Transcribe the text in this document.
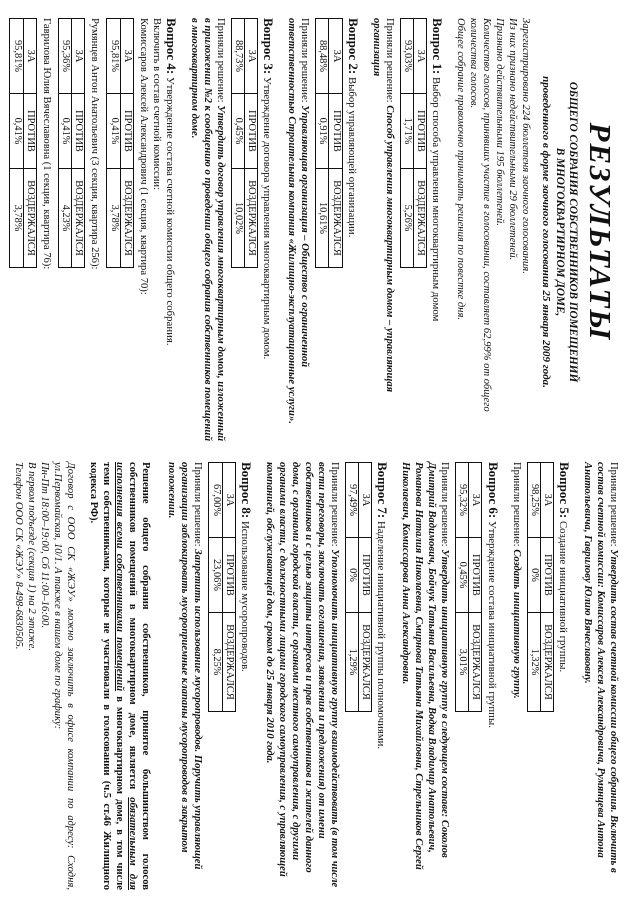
РЕЗУЛЬТАТЫ
ОБЩЕГО СОБРАНИЯ СОБСТВЕННИКОВ ПОМЕЩЕНИЙ
В МНОГОКВАРТИРНОМ ДОМЕ,
проведенного в форме заочного голосования 25 января 2009 года.

Зарегистрировано 224 бюллетеня заочного голосования.

Из них признано недействительными 29 бюллетеней.

Признано действительными 195 бюллетеней.

Количество голосов, принявших участие в голосовании, составляет 62,99% от общего количества голосов.

Общее собрание правомочно принимать решения по повестке дня.

Вопрос 1: Выбор способа управления многоквартирным домом
ЗА	ПРОТИВ	ВОЗДЕРЖАЛСЯ
93,03%	1,71%	5,26%

Приняли решение: Способ управления многоквартирным домом – управляющая организация

Вопрос 2: Выбор управляющей организации.
ЗА	ПРОТИВ	ВОЗДЕРЖАЛСЯ
88,48%	0,91%	10,61%

Приняли решение: Управляющая организация – Общество с ограниченной ответственностью Строительная компания «Жилищно-эксплуатационные услуги».

Вопрос 3: Утверждение договора управления многоквартирным домом.
ЗА	ПРОТИВ	ВОЗДЕРЖАЛСЯ
88,73%	0,45%	10,02%

Приняли решение: Утвердить договор управления многоквартирным домом, изложенный в приложении №2 к сообщению о проведении общего собрания собственников помещений в многоквартирном доме.

Вопрос 4: Утверждение состава счетной комиссии общего собрания.

Включить в состав счетной комиссии:

Комиссаров Алексей Александрович (1 секция, квартира 70):

ЗА	ПРОТИВ	ВОЗДЕРЖАЛСЯ
95,81%	0,41%	3,78%

Румянцев Антон Анатольевич (3 секция, квартира 256):

ЗА	ПРОТИВ	ВОЗДЕРЖАЛСЯ
95,36%	0,41%	4,23%

Гаврилова Юлия Вячеславовна (1 секция, квартира 76):

ЗА	ПРОТИВ	ВОЗДЕРЖАЛСЯ
95,81%	0,41%	3,78%

Приняли решение: Утвердить состав счетной комиссии общего собрания. Включить в состав счетной комиссии: Комиссаров Алексея Александровича, Румянцева Антона Анатольевича, Гаврилову Юлию Вячеславовну.

Вопрос 5: Создание инициативной группы.
ЗА	ПРОТИВ	ВОЗДЕРЖАЛСЯ
98,25%	0%	1,32%

Приняли решение: Создать инициативную группу.

Вопрос 6: Утверждение состава инициативной группы.
ЗА	ПРОТИВ	ВОЗДЕРЖАЛСЯ
95,32%	0,45%	3,01%

Приняли решение: Утвердить инициативную группу в следующем составе: Соколов Дмитрий Вадимович, Бойчук Татьяна Васильевна, Водка Владимир Анатольевич, Романова Наталия Николаевна, Смирнова Татьяна Михайловна, Стрельников Сергей Николаевич, Комиссарова Анна Александровна.

Вопрос 7: Наделение инициативной группы полномочиями.
ЗА	ПРОТИВ	ВОЗДЕРЖАЛСЯ
97,49%	0%	1,29%

Приняли решение: Уполномочить инициативную группу взаимодействовать (в том числе вести переговоры, заключать соглашения, заявления и предложения) от имени собственников и с целью защиты интересов и прав собственников и жителей данного дома, с органами городской власти, с органами местного самоуправления, с другими органами власти, с должностными лицами городского самоуправления, с управляющей компанией, обслуживающей дом, сроком до 25 января 2010 года.

Вопрос 8: Использование мусоропроводов.
ЗА	ПРОТИВ	ВОЗДЕРЖАЛСЯ
67,00%	23,06%	8,25%

Приняли решение: Запретить использование мусоропроводов. Поручить управляющей организации заблокировать мусороприемные клапаны мусоропроводов в закрытом положении.

Решение общего собрания собственников, принятое большинством голосов собственников помещений в многоквартирном доме, является обязательным для исполнения всеми собственниками помещений в многоквартирном доме, в том числе теми собственниками, которые не участвовали в голосовании (ч.5 ст.46 Жилищного кодекса РФ).

Договор с ООО СК «ЖЭУ» можно заключить в офисе компании по адресу: Сходня, ул.Первомайская, 10/1. А также в нашем доме по графику:

Пн-Пт 18:00–19:00, Сб 11:00–16:00.

В первом подъезде (секция 1) на 2 этаже.

Телефон ООО СК «ЖЭУ» 8-498-6830505.
